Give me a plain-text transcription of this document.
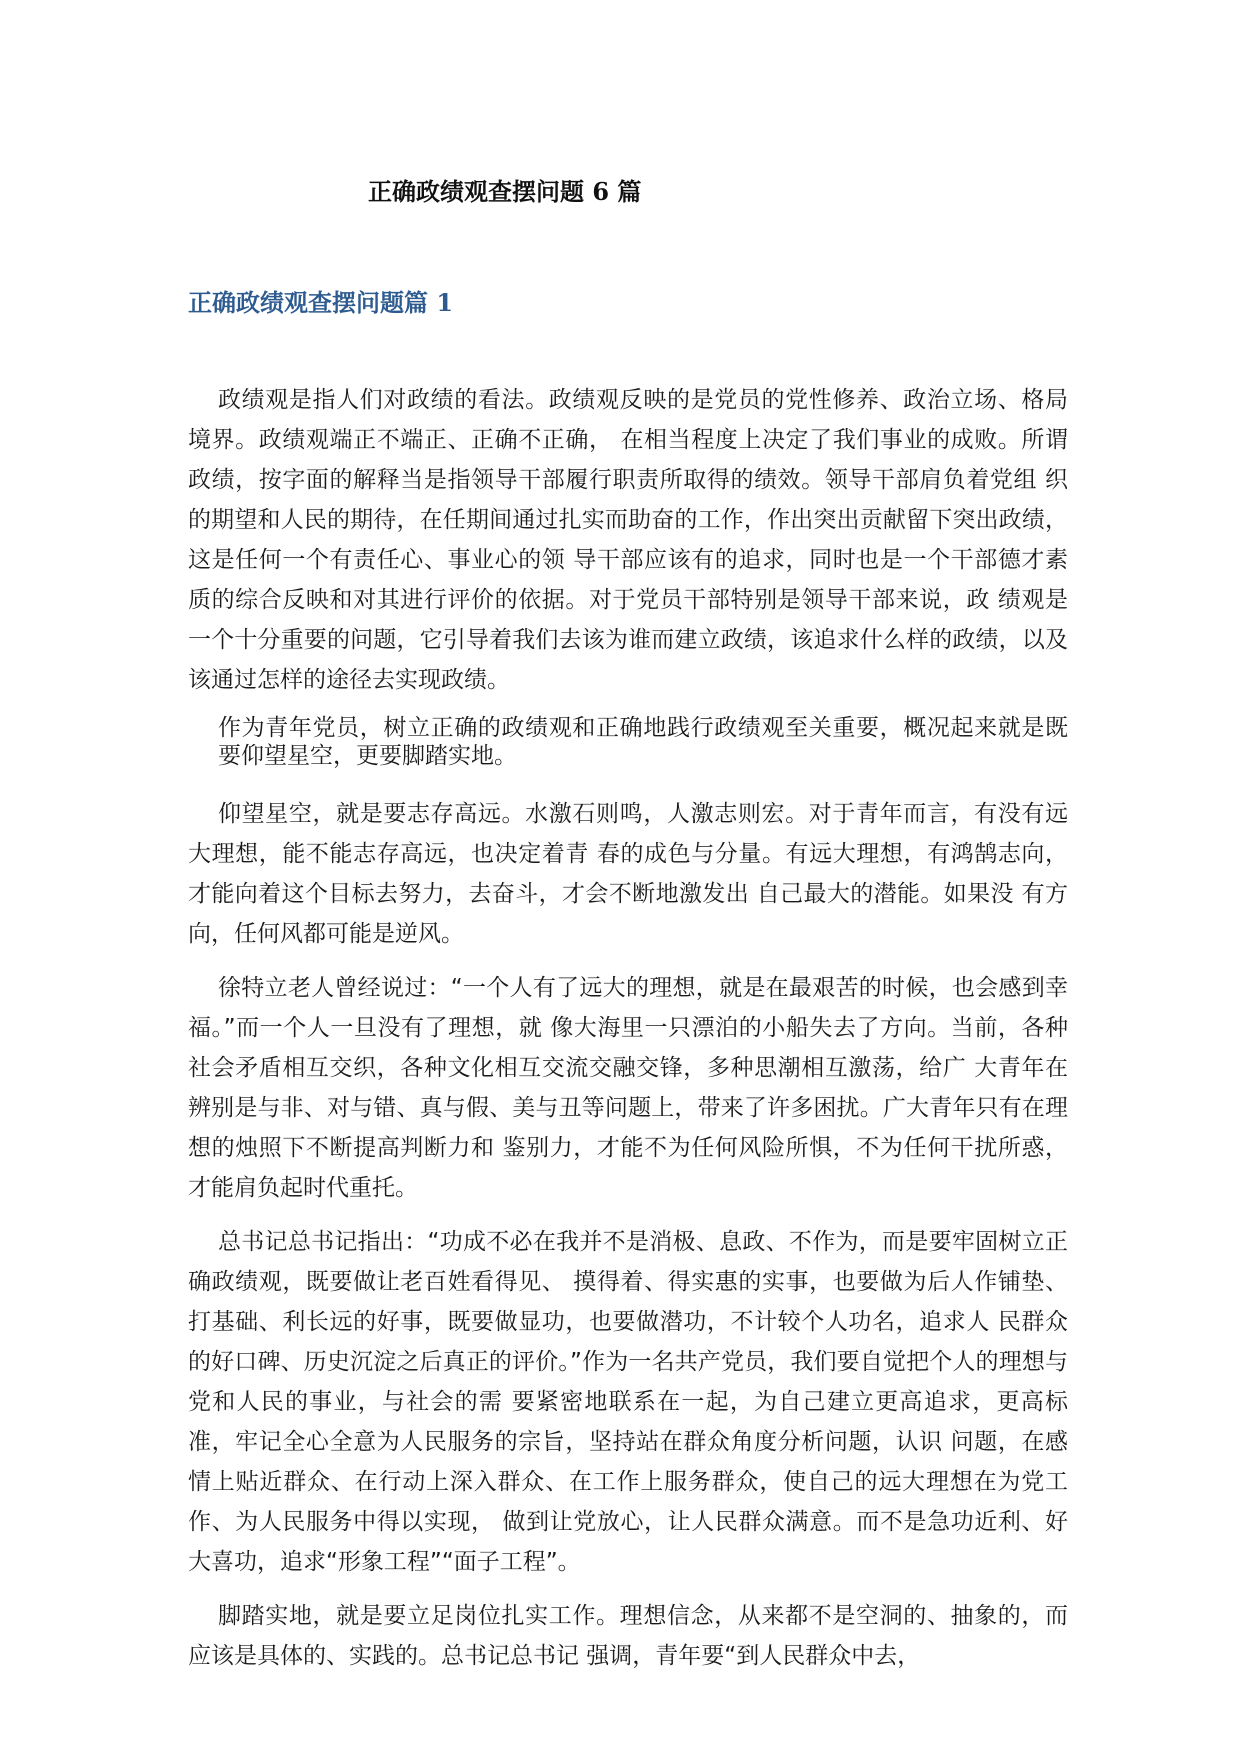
正确政绩观查摆问题 6 篇
正确政绩观查摆问题篇 1

政绩观是指人们对政绩的看法。政绩观反映的是党员的党性修养、政治立场、格局境界。政绩观端正不端正、正确不正确， 在相当程度上决定了我们事业的成败。所谓政绩，按字面的解释当是指领导干部履行职责所取得的绩效。领导干部肩负着党组 织的期望和人民的期待，在任期间通过扎实而助奋的工作，作出突出贡献留下突出政绩，这是任何一个有责任心、事业心的领 导干部应该有的追求，同时也是一个干部德才素质的综合反映和对其进行评价的依据。对于党员干部特别是领导干部来说，政 绩观是一个十分重要的问题，它引导着我们去该为谁而建立政绩，该追求什么样的政绩，以及该通过怎样的途径去实现政绩。

作为青年党员，树立正确的政绩观和正确地践行政绩观至关重要，概况起来就是既要仰望星空，更要脚踏实地。

仰望星空，就是要志存高远。水激石则鸣，人激志则宏。对于青年而言，有没有远大理想，能不能志存高远，也决定着青 春的成色与分量。有远大理想，有鸿鹄志向，才能向着这个目标去努力，去奋斗，才会不断地激发出 自己最大的潜能。如果没 有方向，任何风都可能是逆风。

徐特立老人曾经说过：“一个人有了远大的理想，就是在最艰苦的时候，也会感到幸福。”而一个人一旦没有了理想，就 像大海里一只漂泊的小船失去了方向。当前，各种社会矛盾相互交织，各种文化相互交流交融交锋，多种思潮相互激荡，给广 大青年在辨别是与非、对与错、真与假、美与丑等问题上，带来了许多困扰。广大青年只有在理想的烛照下不断提高判断力和 鉴别力，才能不为任何风险所惧，不为任何干扰所惑，才能肩负起时代重托。

总书记总书记指出：“功成不必在我并不是消极、息政、不作为，而是要牢固树立正确政绩观，既要做让老百姓看得见、 摸得着、得实惠的实事，也要做为后人作铺垫、打基础、利长远的好事，既要做显功，也要做潜功，不计较个人功名，追求人 民群众的好口碑、历史沉淀之后真正的评价。”作为一名共产党员，我们要自觉把个人的理想与党和人民的事业，与社会的需 要紧密地联系在一起，为自己建立更高追求，更高标准，牢记全心全意为人民服务的宗旨，坚持站在群众角度分析问题，认识 问题，在感情上贴近群众、在行动上深入群众、在工作上服务群众，使自己的远大理想在为党工作、为人民服务中得以实现， 做到让党放心，让人民群众满意。而不是急功近利、好大喜功，追求“形象工程”“面子工程”。

脚踏实地，就是要立足岗位扎实工作。理想信念，从来都不是空洞的、抽象的，而应该是具体的、实践的。总书记总书记 强调，青年要“到人民群众中去，
